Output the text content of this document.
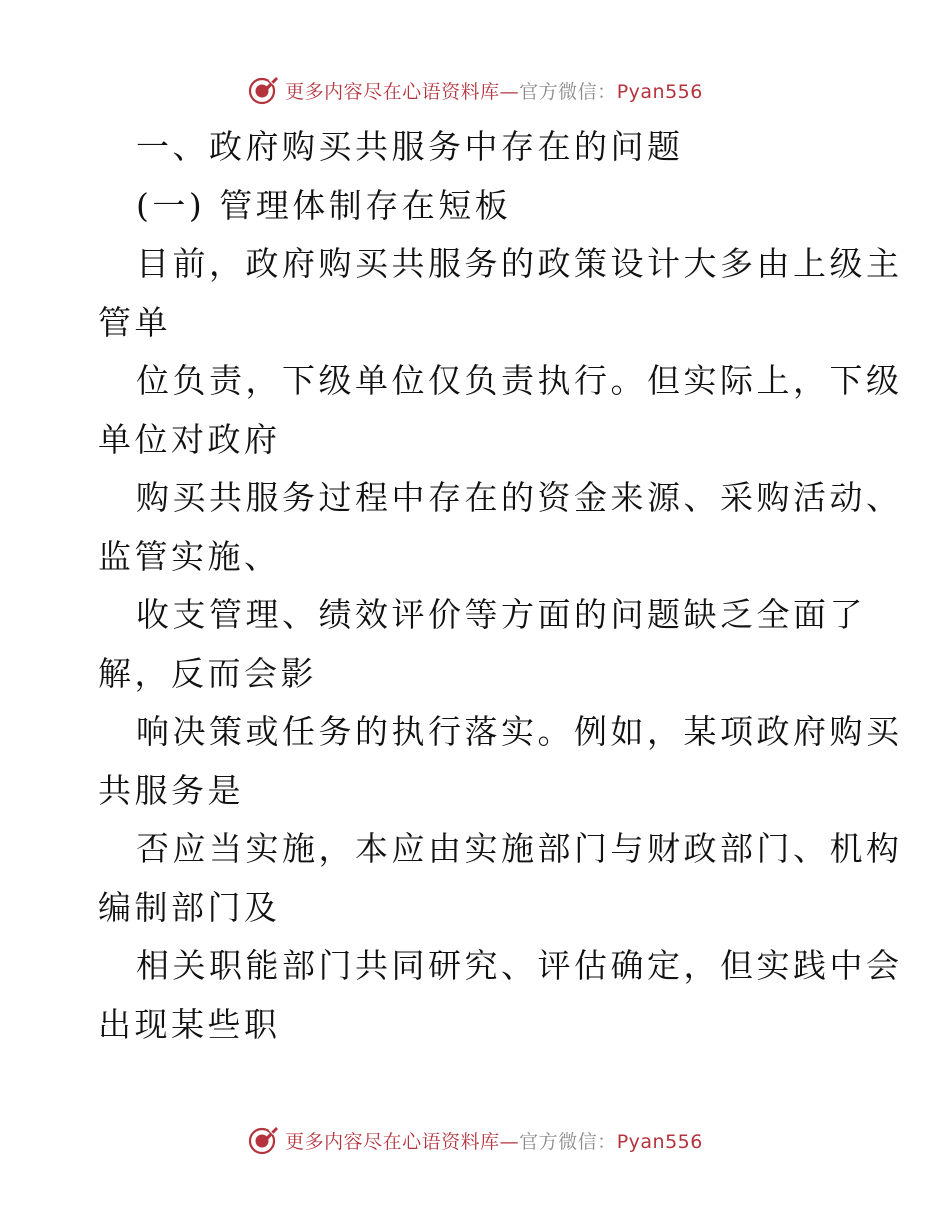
更多内容尽在心语资料库—官方微信：Pyan556
一、政府购买共服务中存在的问题
(一) 管理体制存在短板
目前，政府购买共服务的政策设计大多由上级主
管单
位负责，下级单位仅负责执行。但实际上，下级
单位对政府
购买共服务过程中存在的资金来源、采购活动、
监管实施、
收支管理、绩效评价等方面的问题缺乏全面了
解，反而会影
响决策或任务的执行落实。例如，某项政府购买
共服务是
否应当实施，本应由实施部门与财政部门、机构
编制部门及
相关职能部门共同研究、评估确定，但实践中会
出现某些职
更多内容尽在心语资料库—官方微信：Pyan556
